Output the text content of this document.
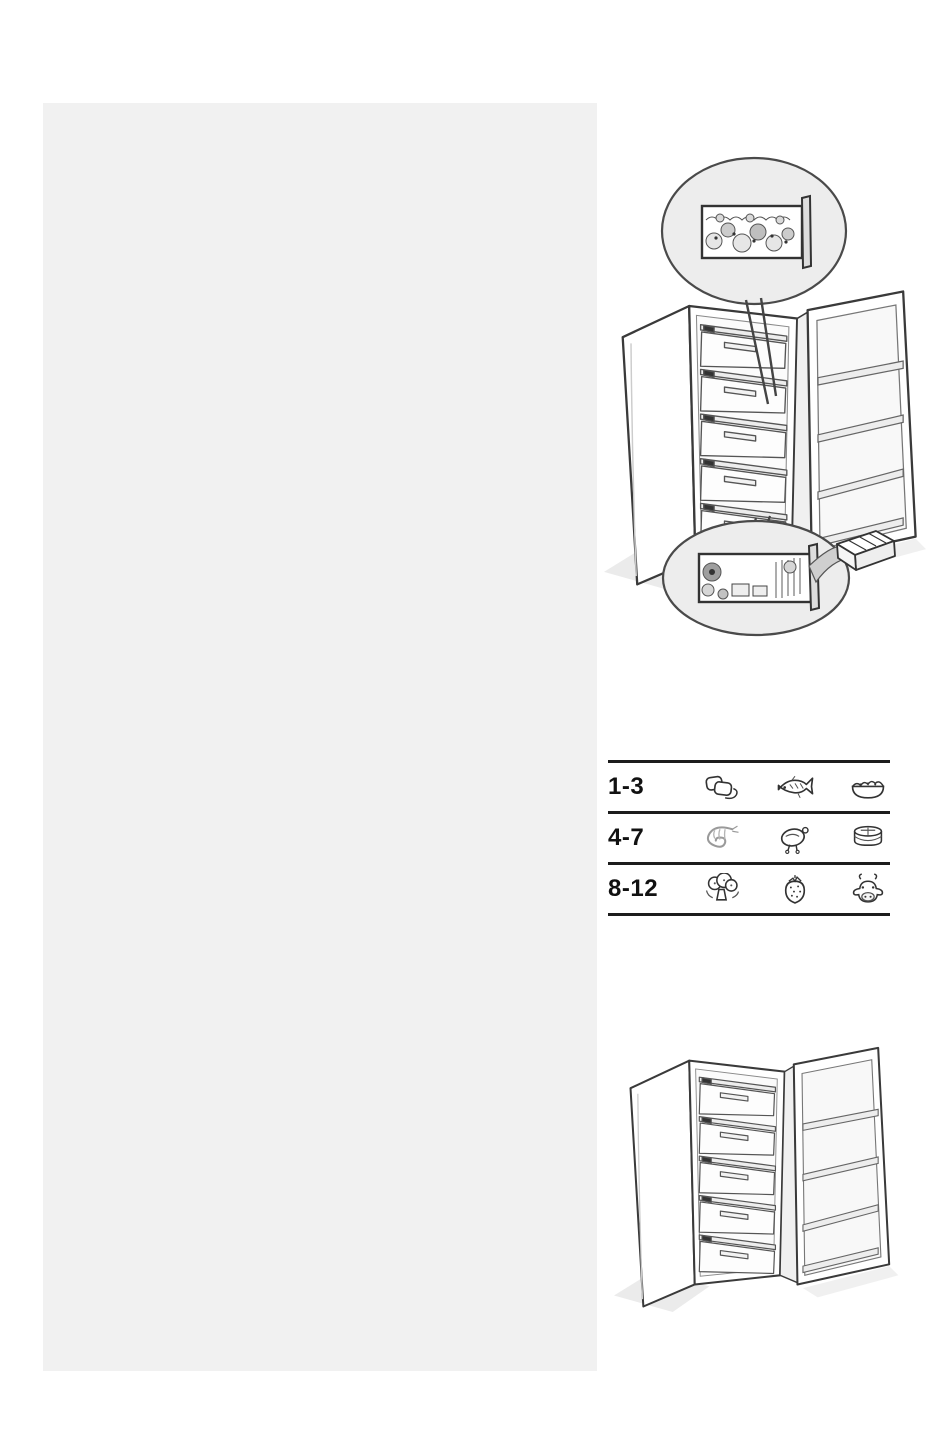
1-3
4-7
8-12
